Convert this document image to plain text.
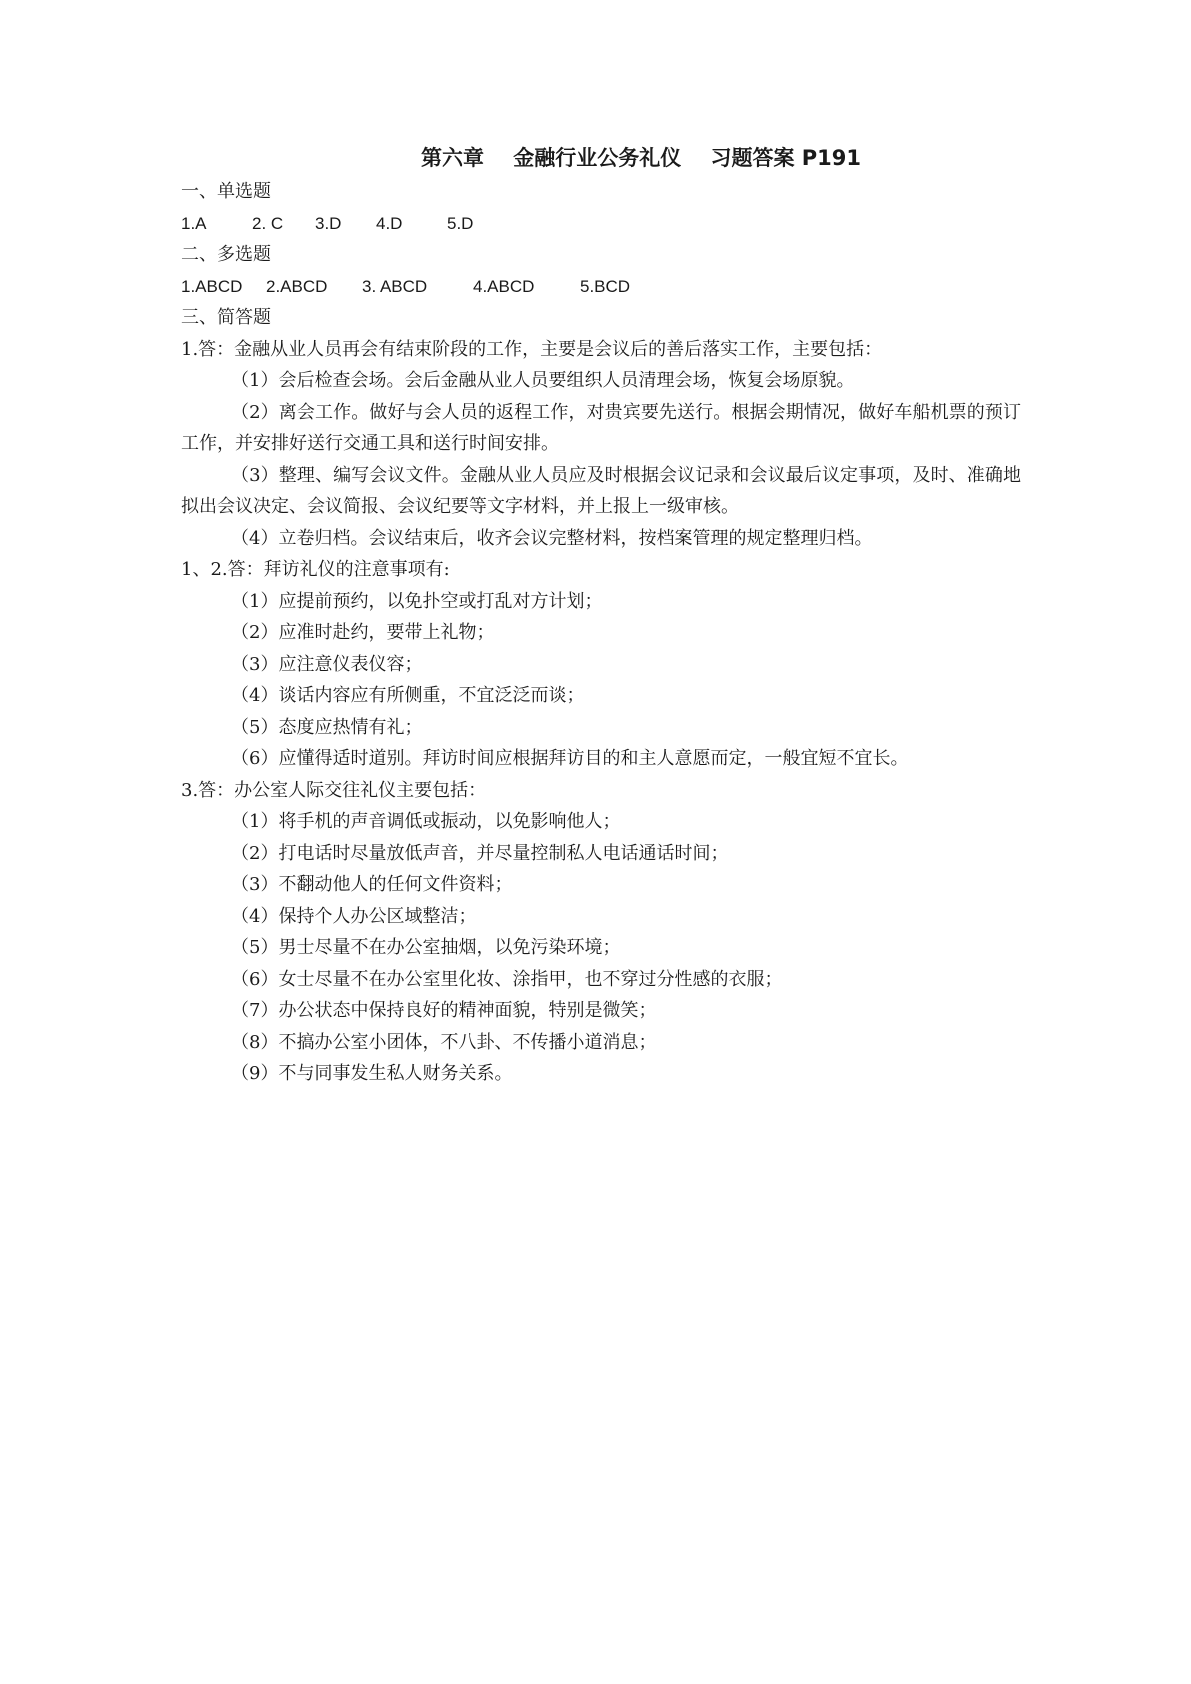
第六章    金融行业公务礼仪    习题答案 P191

一、单选题

1.A	2. C 3.D 4.D	5.D

二、多选题

1.ABCD 2.ABCD 3. ABCD	4.ABCD	5.BCD

三、简答题

1.答：金融从业人员再会有结束阶段的工作，主要是会议后的善后落实工作，主要包括：

（1）会后检查会场。会后金融从业人员要组织人员清理会场，恢复会场原貌。

（2）离会工作。做好与会人员的返程工作，对贵宾要先送行。根据会期情况，做好车船机票的预订工作，并安排好送行交通工具和送行时间安排。

（3）整理、编写会议文件。金融从业人员应及时根据会议记录和会议最后议定事项，及时、准确地拟出会议决定、会议简报、会议纪要等文字材料，并上报上一级审核。

（4）立卷归档。会议结束后，收齐会议完整材料，按档案管理的规定整理归档。

1、2.答：拜访礼仪的注意事项有:

（1）应提前预约，以免扑空或打乱对方计划；

（2）应准时赴约，要带上礼物；

（3）应注意仪表仪容；

（4）谈话内容应有所侧重，不宜泛泛而谈；

（5）态度应热情有礼；

（6）应懂得适时道别。拜访时间应根据拜访目的和主人意愿而定，一般宜短不宜长。

3.答：办公室人际交往礼仪主要包括：

（1）将手机的声音调低或振动，以免影响他人；

（2）打电话时尽量放低声音，并尽量控制私人电话通话时间；

（3）不翻动他人的任何文件资料；

（4）保持个人办公区域整洁；

（5）男士尽量不在办公室抽烟，以免污染环境；

（6）女士尽量不在办公室里化妆、涂指甲，也不穿过分性感的衣服；

（7）办公状态中保持良好的精神面貌，特别是微笑；

（8）不搞办公室小团体，不八卦、不传播小道消息；

（9）不与同事发生私人财务关系。
